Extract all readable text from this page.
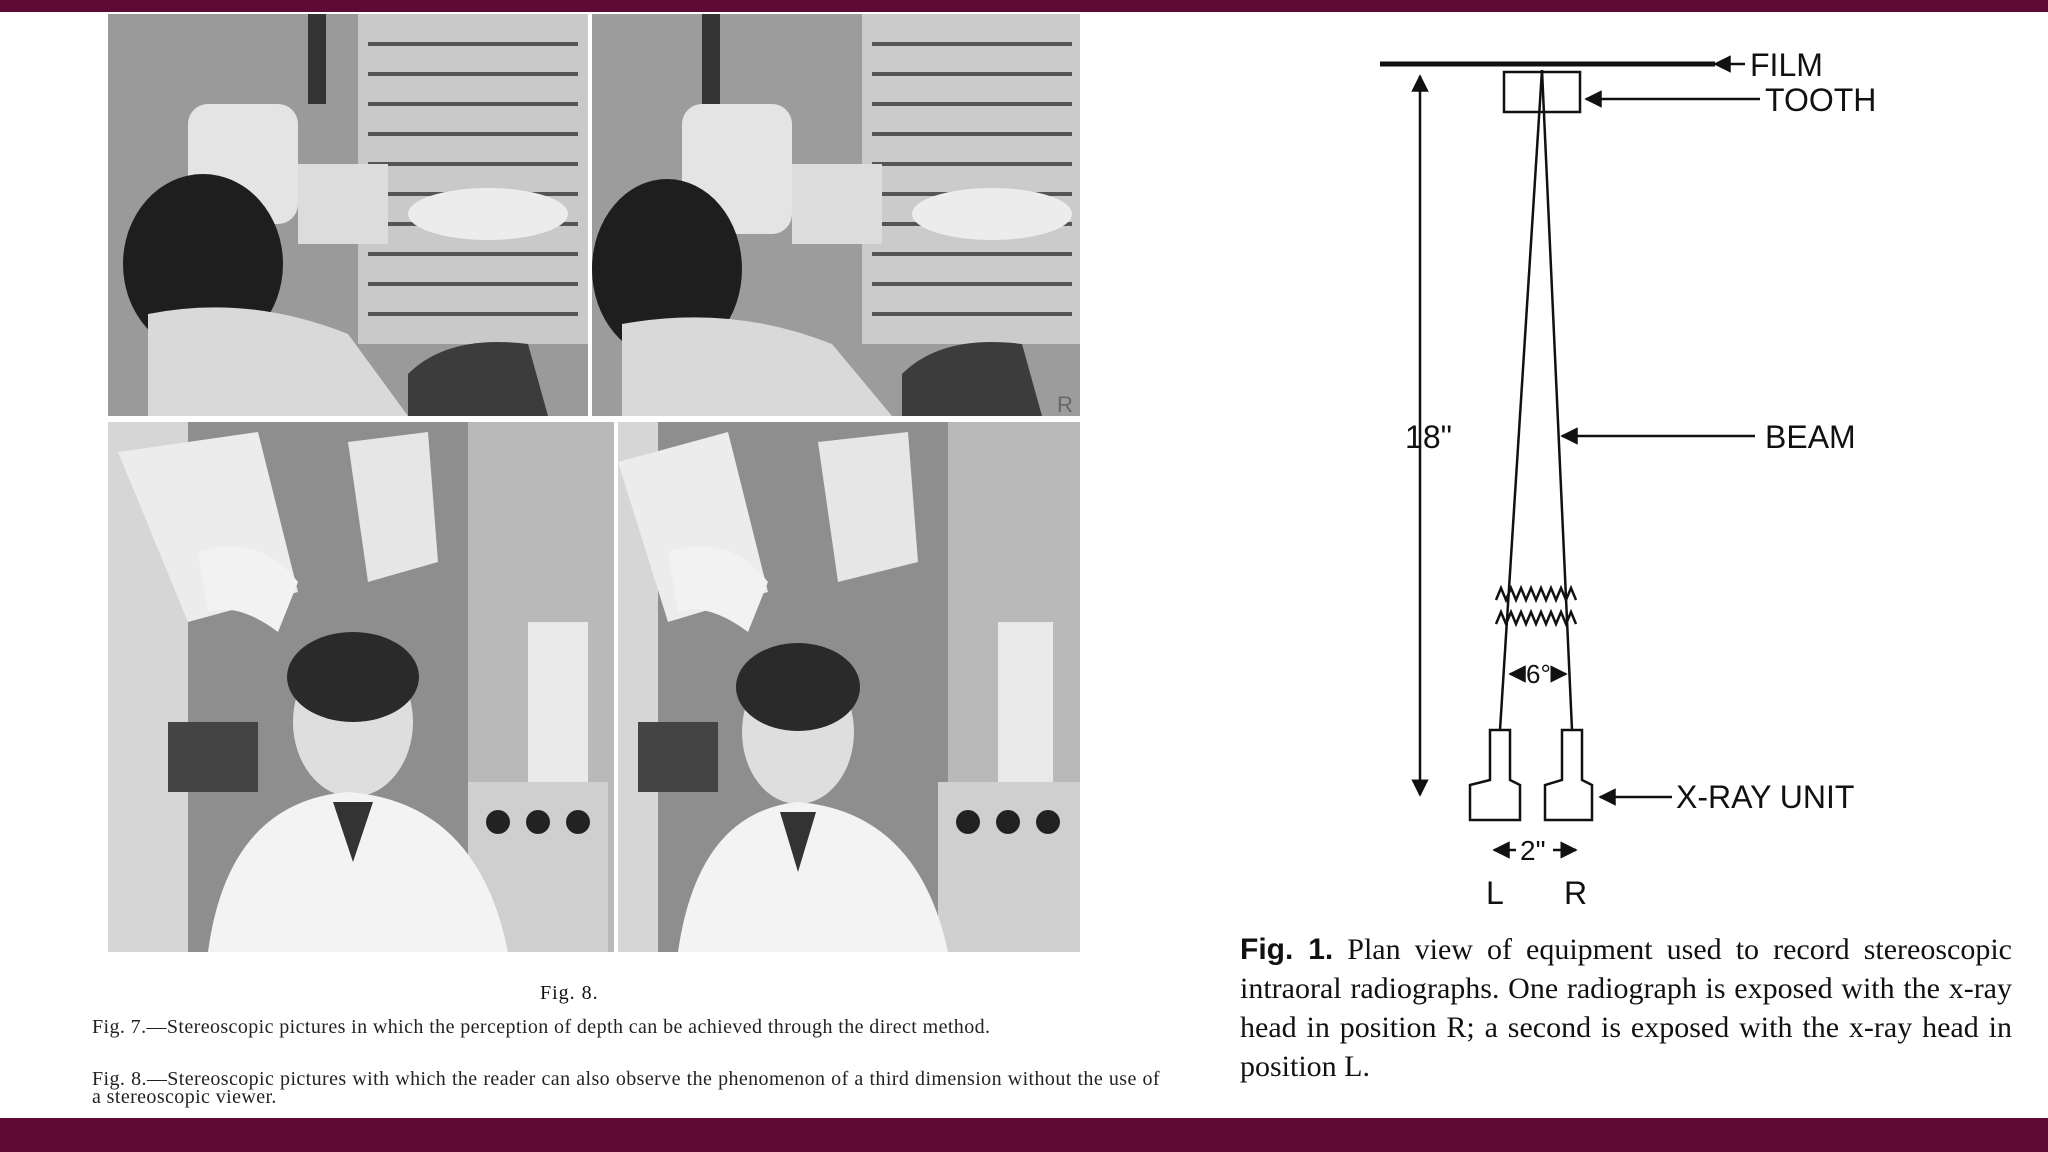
R
Fig. 8.
Fig. 7.—Stereoscopic pictures in which the perception of depth can be achieved through the direct method.
Fig. 8.—Stereoscopic pictures with which the reader can also observe the phenomenon of a third dimension without the use of a stereoscopic viewer.
FILM
TOOTH
18"	BEAM
6°
X-RAY UNIT
2"
L R
Fig. 1. Plan view of equipment used to record stereoscopic intraoral radiographs. One radiograph is exposed with the x-ray head in position R; a second is exposed with the x-ray head in position L.
